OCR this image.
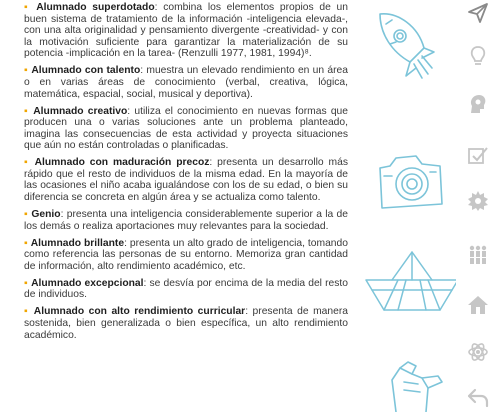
▪ Alumnado superdotado: combina los elementos propios de un buen sistema de tratamiento de la información -inteligencia elevada-, con una alta originalidad y pensamiento divergente -creatividad- y con la motivación suficiente para garantizar la materialización de su potencia -implicación en la tarea- (Renzulli 1977, 1981, 1994)⁸.

▪ Alumnado con talento: muestra un elevado rendimiento en un área o en varias áreas de conocimiento (verbal, creativa, lógica, matemática, espacial, social, musical y deportiva).

▪ Alumnado creativo: utiliza el conocimiento en nuevas formas que producen una o varias soluciones ante un problema planteado, imagina las consecuencias de esta actividad y proyecta situaciones que aún no están controladas o planificadas.

▪ Alumnado con maduración precoz: presenta un desarrollo más rápido que el resto de individuos de la misma edad. En la mayoría de las ocasiones el niño acaba igualándose con los de su edad, o bien su diferencia se concreta en algún área y se actualiza como talento.

▪ Genio: presenta una inteligencia considerablemente superior a la de los demás o realiza aportaciones muy relevantes para la sociedad.

▪ Alumnado brillante: presenta un alto grado de inteligencia, tomando como referencia las personas de su entorno. Memoriza gran cantidad de información, alto rendimiento académico, etc.

▪ Alumnado excepcional: se desvía por encima de la media del resto de individuos.

▪ Alumnado con alto rendimiento curricular: presenta de manera sostenida, bien generalizada o bien específica, un alto rendimiento académico.
